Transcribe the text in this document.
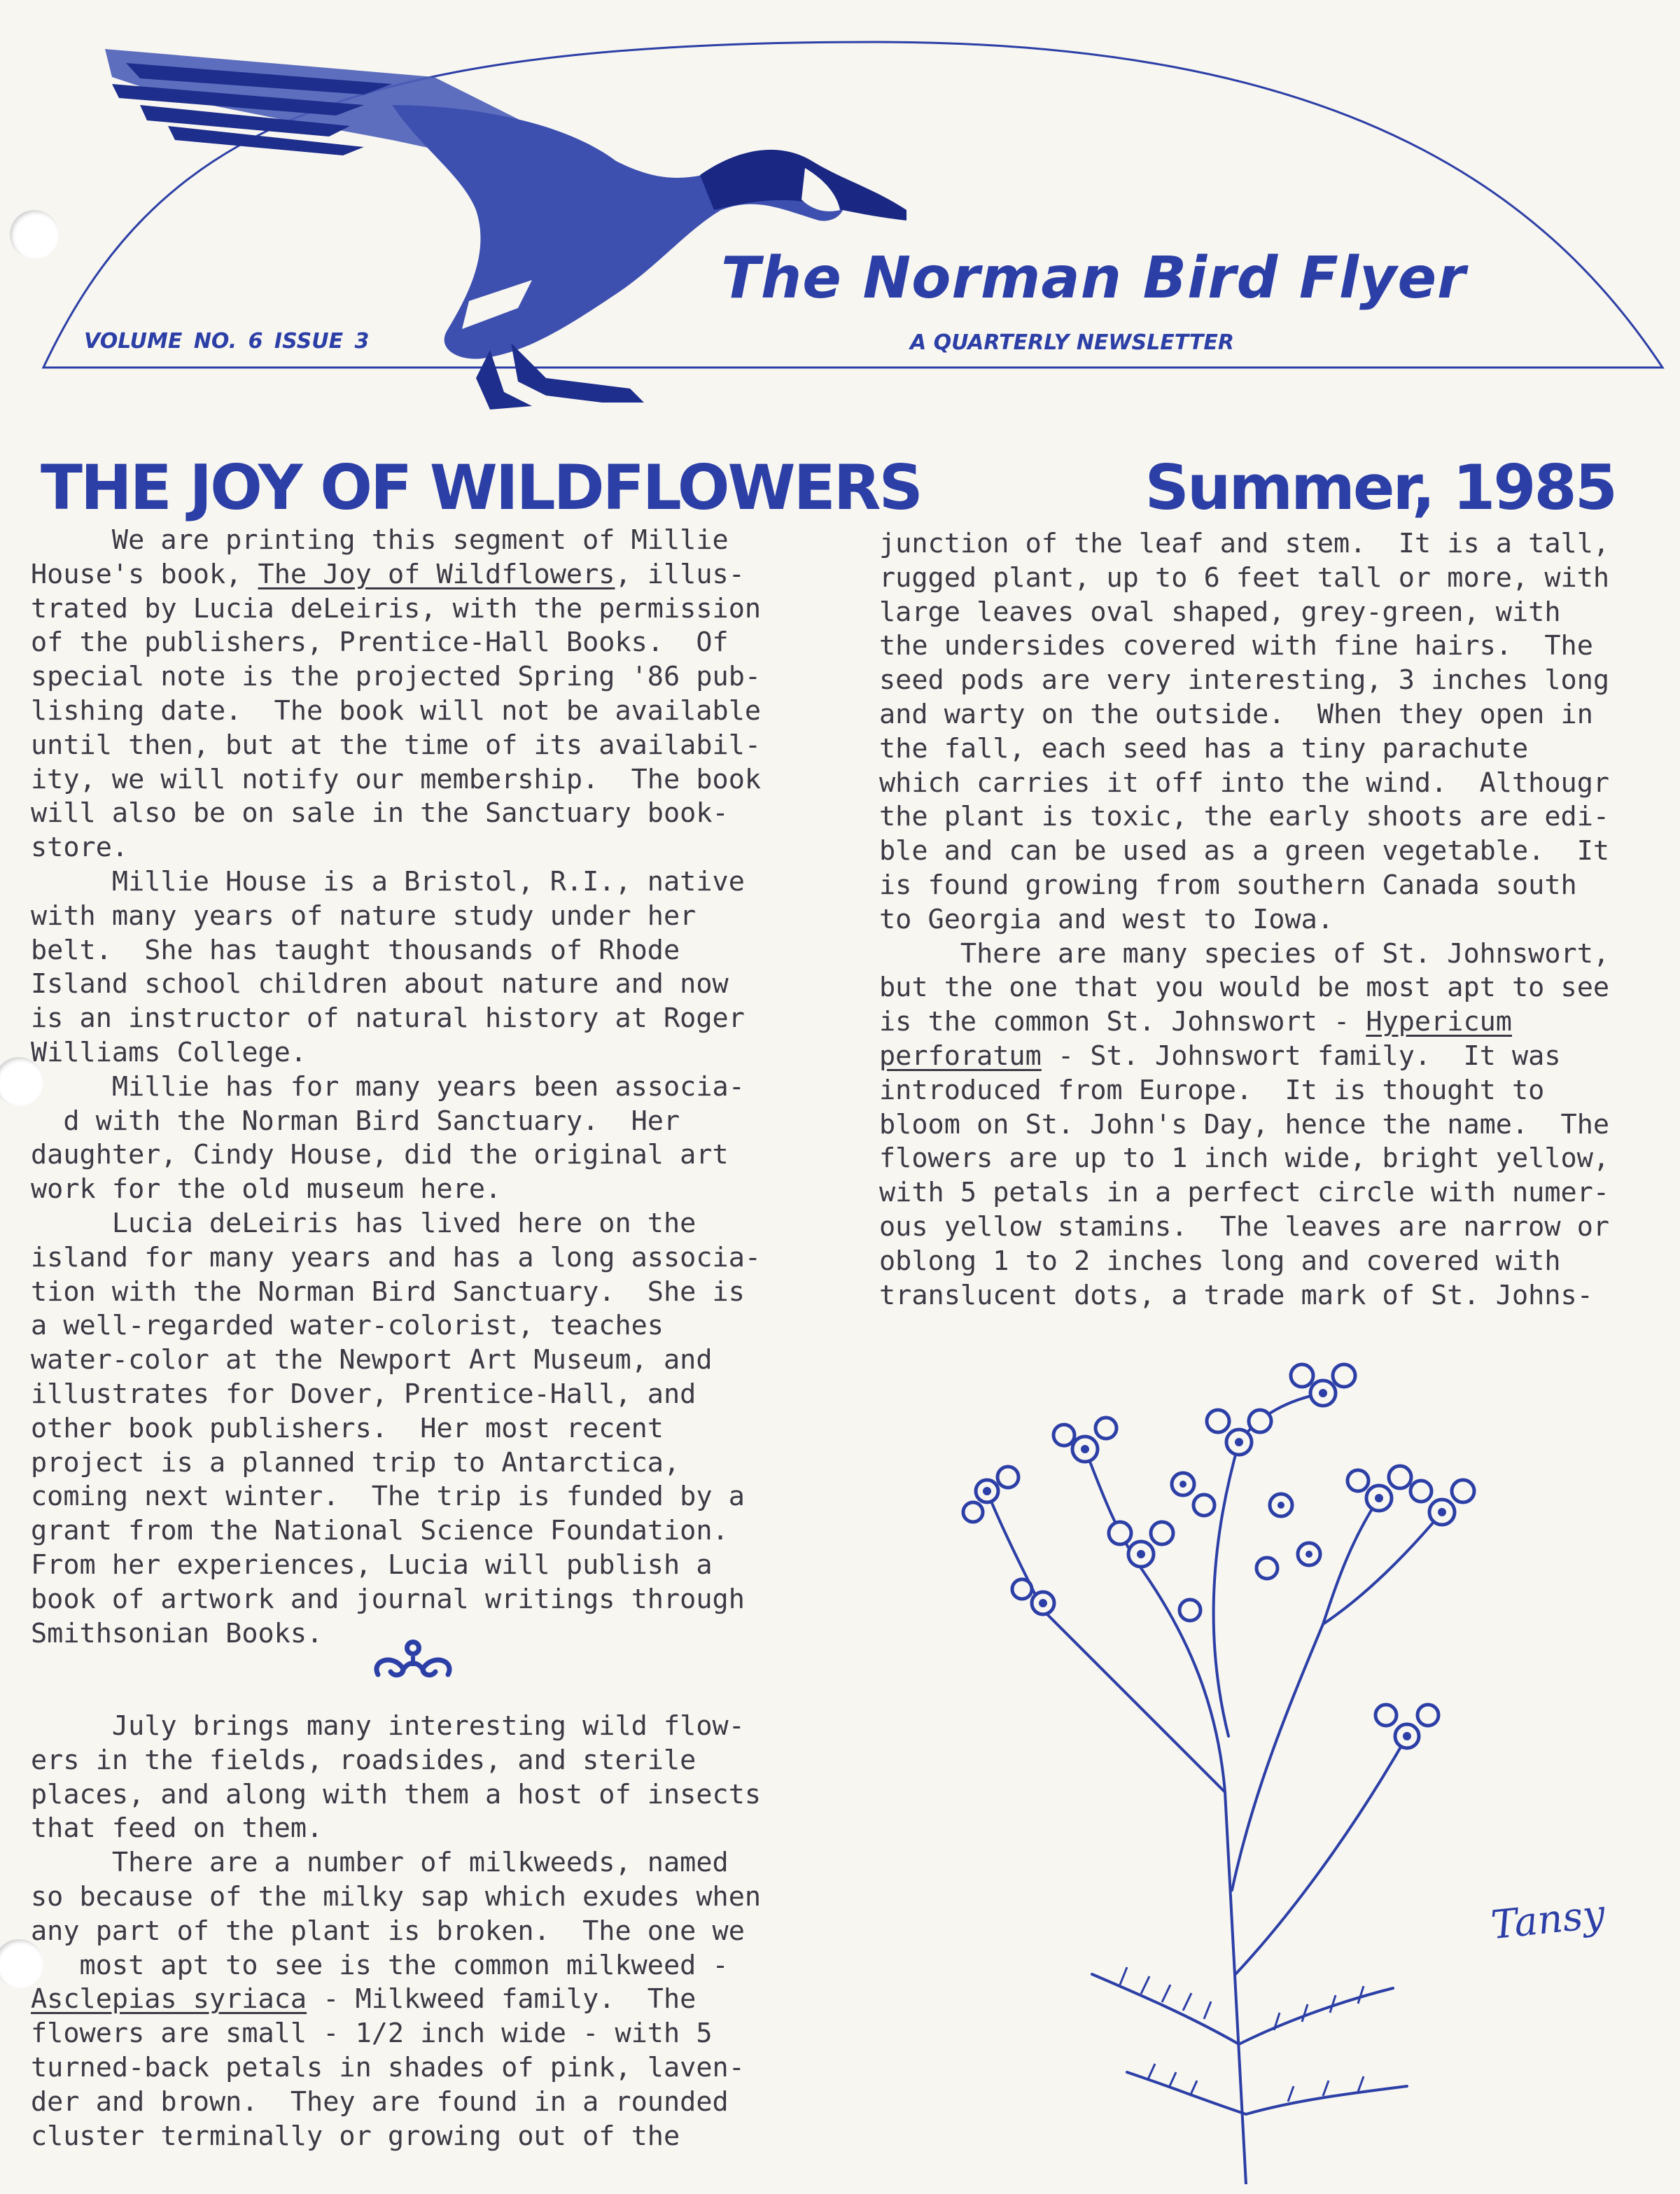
The Norman Bird Flyer
VOLUME NO. 6 ISSUE 3	A QUARTERLY NEWSLETTER
THE JOY OF WILDFLOWERS	Summer, 1985

We are printing this segment of Millie

House's book, The Joy of Wildflowers, illus-

trated by Lucia deLeiris, with the permission

of the publishers, Prentice-Hall Books.  Of

special note is the projected Spring '86 pub-

lishing date.  The book will not be available

until then, but at the time of its availabil-

ity, we will notify our membership.  The book

will also be on sale in the Sanctuary book-

store.

Millie House is a Bristol, R.I., native

with many years of nature study under her

belt.  She has taught thousands of Rhode

Island school children about nature and now

is an instructor of natural history at Roger

Williams College.

Millie has for many years been associa-

d with the Norman Bird Sanctuary.  Her

daughter, Cindy House, did the original art

work for the old museum here.

Lucia deLeiris has lived here on the

island for many years and has a long associa-

tion with the Norman Bird Sanctuary.  She is

a well-regarded water-colorist, teaches

water-color at the Newport Art Museum, and

illustrates for Dover, Prentice-Hall, and

other book publishers.  Her most recent

project is a planned trip to Antarctica,

coming next winter.  The trip is funded by a

grant from the National Science Foundation.

From her experiences, Lucia will publish a

book of artwork and journal writings through

Smithsonian Books.

July brings many interesting wild flow-

ers in the fields, roadsides, and sterile

places, and along with them a host of insects

that feed on them.

There are a number of milkweeds, named

so because of the milky sap which exudes when

any part of the plant is broken.  The one we

most apt to see is the common milkweed -

Asclepias syriaca - Milkweed family.  The

flowers are small - 1/2 inch wide - with 5

turned-back petals in shades of pink, laven-

der and brown.  They are found in a rounded

cluster terminally or growing out of the

junction of the leaf and stem.  It is a tall,

rugged plant, up to 6 feet tall or more, with

large leaves oval shaped, grey-green, with

the undersides covered with fine hairs.  The

seed pods are very interesting, 3 inches long

and warty on the outside.  When they open in

the fall, each seed has a tiny parachute

which carries it off into the wind.  Althougr

the plant is toxic, the early shoots are edi-

ble and can be used as a green vegetable.  It

is found growing from southern Canada south

to Georgia and west to Iowa.

There are many species of St. Johnswort,

but the one that you would be most apt to see

is the common St. Johnswort - Hypericum

perforatum - St. Johnswort family.  It was

introduced from Europe.  It is thought to

bloom on St. John's Day, hence the name.  The

flowers are up to 1 inch wide, bright yellow,

with 5 petals in a perfect circle with numer-

ous yellow stamins.  The leaves are narrow or

oblong 1 to 2 inches long and covered with

translucent dots, a trade mark of St. Johns-

Tansy
